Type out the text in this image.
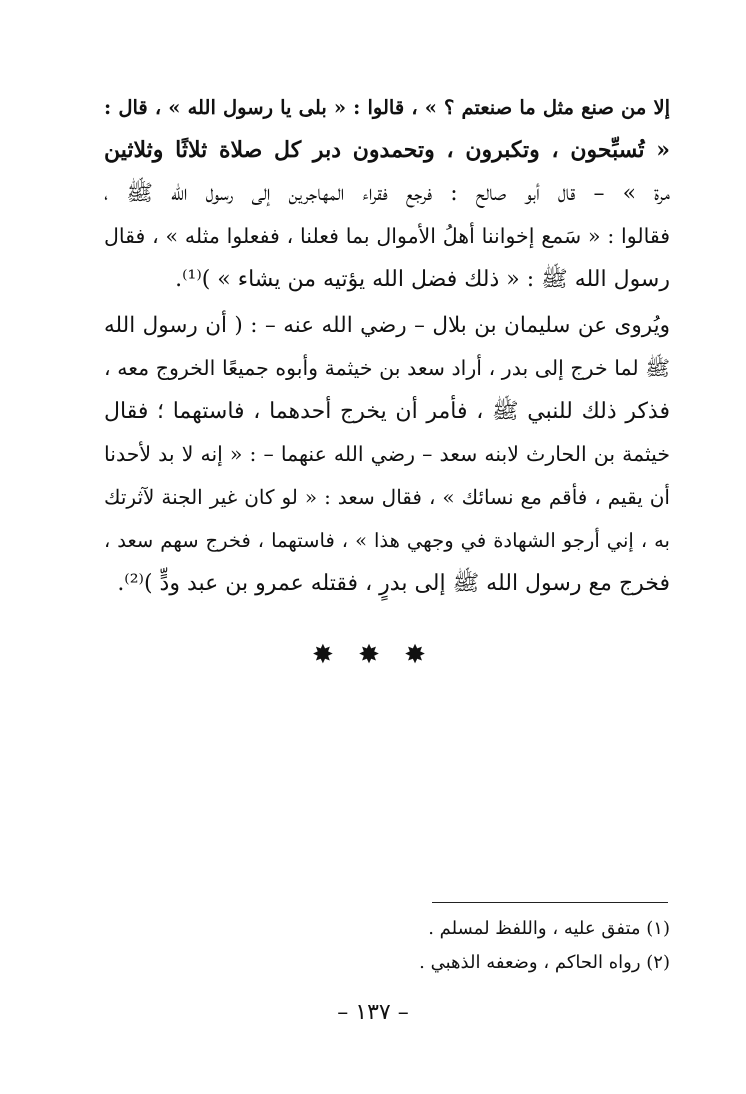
إلا من صنع مثل ما صنعتم ؟ » ، قالوا : « بلى يا رسول الله » ، قال :
« تُسبِّحون ، وتكبرون ، وتحمدون دبر كل صلاة ثلاثًا وثلاثين
مرة » – قال أبو صالح : فرجع فقراء المهاجرين إلى رسول الله ﷺ ،
فقالوا : « سَمع إخواننا أهلُ الأموال بما فعلنا ، ففعلوا مثله » ، فقال
رسول الله ﷺ : « ذلك فضل الله يؤتيه من يشاء » )⁽¹⁾.
ويُروى عن سليمان بن بلال – رضي الله عنه – : ( أن رسول الله
ﷺ لما خرج إلى بدر ، أراد سعد بن خيثمة وأبوه جميعًا الخروج معه ،
فذكر ذلك للنبي ﷺ ، فأمر أن يخرج أحدهما ، فاستهما ؛ فقال
خيثمة بن الحارث لابنه سعد – رضي الله عنهما – : « إنه لا بد لأحدنا
أن يقيم ، فأقم مع نسائك » ، فقال سعد : « لو كان غير الجنة لآثرتك
به ، إني أرجو الشهادة في وجهي هذا » ، فاستهما ، فخرج سهم سعد ،
فخرج مع رسول الله ﷺ إلى بدرٍ ، فقتله عمرو بن عبد ودٍّ )⁽²⁾.
✸ ✸ ✸
(١) متفق عليه ، واللفظ لمسلم .
(٢) رواه الحاكم ، وضعفه الذهبي .
– ١٣٧ –
